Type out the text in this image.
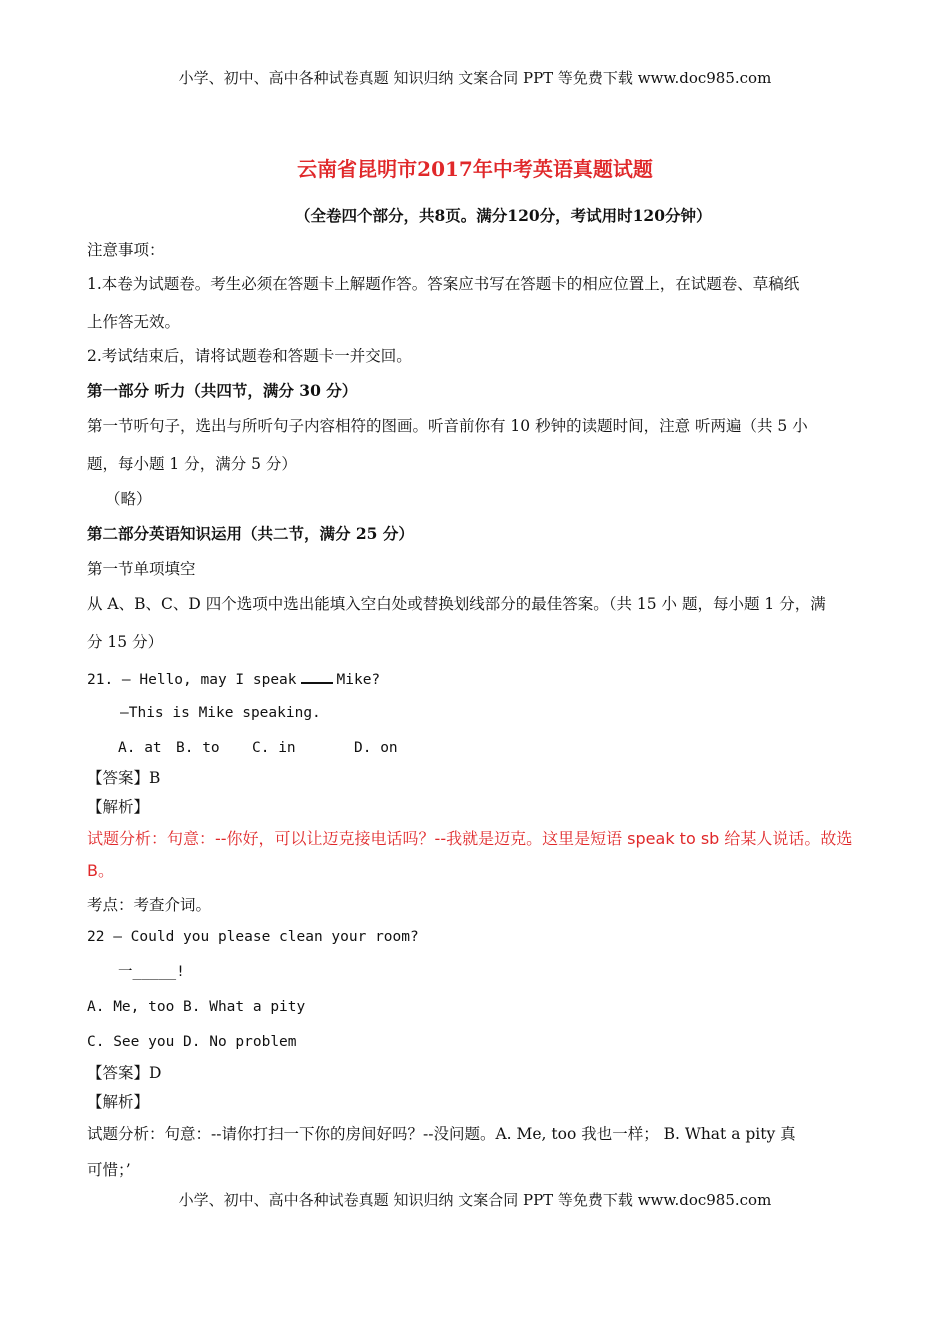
小学、初中、高中各种试卷真题 知识归纳 文案合同 PPT 等免费下载 www.doc985.com
云南省昆明市2017年中考英语真题试题
（全卷四个部分，共8页。满分120分，考试用时120分钟）
注意事项：
1.本卷为试题卷。考生必须在答题卡上解题作答。答案应书写在答题卡的相应位置上，在试题卷、草稿纸
上作答无效。
2.考试结束后，请将试题卷和答题卡一并交回。
第一部分 听力（共四节，满分 30 分）
第一节听句子，选出与所听句子内容相符的图画。听音前你有 10 秒钟的读题时间，注意 听两遍（共 5 小
题，每小题 1 分，满分 5 分）
（略）
第二部分英语知识运用（共二节，满分 25 分）
第一节单项填空
从 A、B、C、D 四个选项中选出能填入空白处或替换划线部分的最佳答案。（共 15 小 题，每小题 1 分，满
分 15 分）
21. — Hello, may I speak	Mike?
—This is Mike speaking.
A. at B. to C. in	D. on
【答案】B
【解析】
试题分析：句意：--你好，可以让迈克接电话吗？--我就是迈克。这里是短语 speak to sb 给某人说话。故选
B。
考点：考查介词。
22 — Could you please clean your room?
一_____!
A. Me, too B. What a pity
C. See you D. No problem
【答案】D
【解析】
试题分析：句意：--请你打扫一下你的房间好吗？--没问题。A. Me, too 我也一样； B. What a pity 真
可惜；’
小学、初中、高中各种试卷真题 知识归纳 文案合同 PPT 等免费下载 www.doc985.com
